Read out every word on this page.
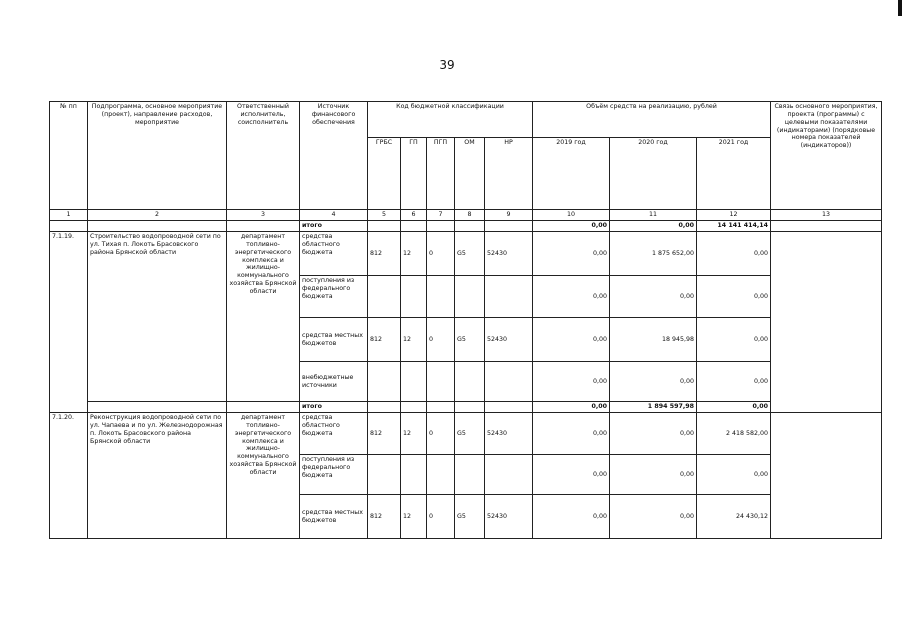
39
№ пп	Подпрограмма, основное мероприятие (проект), направление расходов, мероприятие	Ответственный исполнитель, соисполнитель	Источник финансового обеспечения	Код бюджетной классификации					Объём средств на реализацию, рублей			Связь основного мероприятия, проекта (программы) с целевыми показателями (индикаторами) (порядковые номера показателей (индикаторов))
				ГРБС	ГП	ПГП	ОМ	НР	2019 год	2020 год	2021 год	
1	2	3	4	5	6	7	8	9	10	11	12	13
			итого						0,00	0,00	14 141 414,14	
7.1.19.	Строительство водопроводной сети по ул. Тихая п. Локоть Брасовского района Брянской области	департамент топливно-энергетического комплекса и жилищно-коммунального хозяйства Брянской области	средства областного бюджета	812	12	0	G5	52430	0,00	1 875 652,00	0,00	
			поступления из федерального бюджета						0,00	0,00	0,00	
			средства местных бюджетов	812	12	0	G5	52430	0,00	18 945,98	0,00	
			внебюджетные источники						0,00	0,00	0,00	
			итого						0,00	1 894 597,98	0,00	
7.1.20.	Реконструкция водопроводной сети по ул. Чапаева и по ул. Железнодорожная п. Локоть Брасовского района Брянской области	департамент топливно-энергетического комплекса и жилищно-коммунального хозяйства Брянской области	средства областного бюджета	812	12	0	G5	52430	0,00	0,00	2 418 582,00	
			поступления из федерального бюджета						0,00	0,00	0,00	
			средства местных бюджетов	812	12	0	G5	52430	0,00	0,00	24 430,12	
